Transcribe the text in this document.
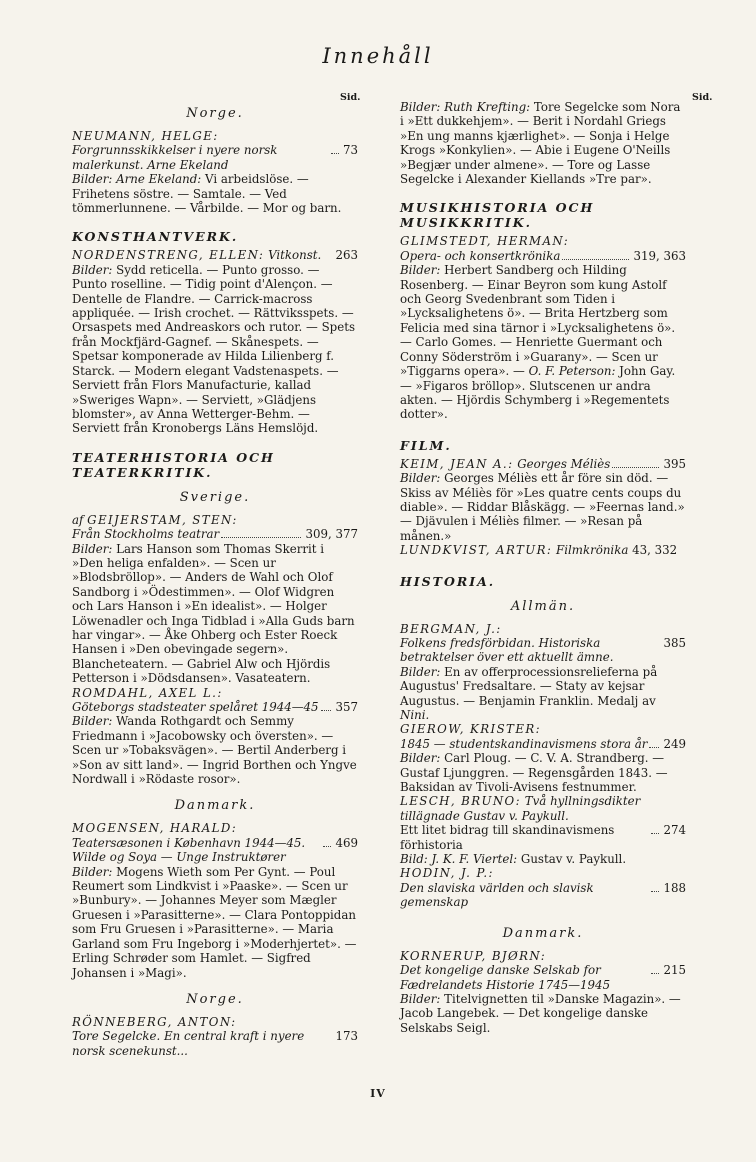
Innehåll
Sid.	Sid.
Norge.
NEUMANN, HELGE:
Forgrunnsskikkelser i nyere norsk malerkunst. Arne Ekeland
73
Bilder: Arne Ekeland: Vi arbeidslöse. — Frihetens söstre. — Samtale. — Ved tömmerlunnene. — Vårbilde. — Mor og barn.
KONSTHANTVERK.
NORDENSTRENG, ELLEN: Vitkonst. 263
Bilder: Sydd reticella. — Punto grosso. — Punto roselline. — Tidig point d'Alençon. — Dentelle de Flandre. — Carrick-macross appliquée. — Irish crochet. — Rättviksspets. — Orsaspets med Andreaskors och rutor. — Spets från Mockfjärd-Gagnef. — Skånespets. — Spetsar komponerade av Hilda Lilienberg f. Starck. — Modern elegant Vadstenaspets. — Serviett från Flors Manufacturie, kallad »Sweriges Wapn». — Serviett, »Glädjens blomster», av Anna Wetterger-Behm. — Serviett från Kronobergs Läns Hemslöjd.
TEATERHISTORIA OCH TEATERKRITIK.
Sverige.
af GEIJERSTAM, STEN:
Från Stockholms teatrar	309, 377
Bilder: Lars Hanson som Thomas Skerrit i »Den heliga enfalden». — Scen ur »Blodsbröllop». — Anders de Wahl och Olof Sandborg i »Ödestimmen». — Olof Widgren och Lars Hanson i »En idealist». — Holger Löwenadler och Inga Tidblad i »Alla Guds barn har vingar». — Åke Ohberg och Ester Roeck Hansen i »Den obevingade segern». Blancheteatern. — Gabriel Alw och Hjördis Petterson i »Dödsdansen». Vasateatern.
ROMDAHL, AXEL L.:
Göteborgs stadsteater spelåret 1944—45 357
Bilder: Wanda Rothgardt och Semmy Friedmann i »Jacobowsky och översten». — Scen ur »Tobaksvägen». — Bertil Anderberg i »Son av sitt land». — Ingrid Borthen och Yngve Nordwall i »Rödaste rosor».
Danmark.
MOGENSEN, HARALD:
Teatersæsonen i København 1944—45. Wilde og Soya — Unge Instruktører
469
Bilder: Mogens Wieth som Per Gynt. — Poul Reumert som Lindkvist i »Paaske». — Scen ur »Bunbury». — Johannes Meyer som Mægler Gruesen i »Parasitterne». — Clara Pontoppidan som Fru Gruesen i »Parasitterne». — Maria Garland som Fru Ingeborg i »Moderhjertet». — Erling Schrøder som Hamlet. — Sigfred Johansen i »Magi».
Norge.
RÖNNEBERG, ANTON:
Tore Segelcke. En central kraft i nyere norsk scenekunst...
173
Bilder: Ruth Krefting: Tore Segelcke som Nora i »Ett dukkehjem». — Berit i Nordahl Griegs »En ung manns kjærlighet». — Sonja i Helge Krogs »Konkylien». — Abie i Eugene O'Neills »Begjær under almene». — Tore og Lasse Segelcke i Alexander Kiellands »Tre par».
MUSIKHISTORIA OCH MUSIKKRITIK.
GLIMSTEDT, HERMAN:
Opera- och konsertkrönika	319, 363
Bilder: Herbert Sandberg och Hilding Rosenberg. — Einar Beyron som kung Astolf och Georg Svedenbrant som Tiden i »Lycksalighetens ö». — Brita Hertzberg som Felicia med sina tärnor i »Lycksalighetens ö». — Carlo Gomes. — Henriette Guermant och Conny Söderström i »Guarany». — Scen ur »Tiggarns opera». — O. F. Peterson: John Gay. — »Figaros bröllop». Slutscenen ur andra akten. — Hjördis Schymberg i »Regementets dotter».
FILM.
KEIM, JEAN A.: Georges Méliès	395
Bilder: Georges Méliès ett år före sin död. — Skiss av Méliès för »Les quatre cents coups du diable». — Riddar Blåskägg. — »Feernas land.» — Djävulen i Méliès filmer. — »Resan på månen.»
LUNDKVIST, ARTUR: Filmkrönika 43, 332
HISTORIA.
Allmän.
BERGMAN, J.:
Folkens fredsförbidan. Historiska betraktelser över ett aktuellt ämne.
385
Bilder: En av offerprocessionsrelieferna på Augustus' Fredsaltare. — Staty av kejsar Augustus. — Benjamin Franklin. Medalj av Nini.
GIEROW, KRISTER:
1845 — studentskandinavismens stora år 249
Bilder: Carl Ploug. — C. V. A. Strandberg. — Gustaf Ljunggren. — Regensgården 1843. — Baksidan av Tivoli-Avisens festnummer.
LESCH, BRUNO: Två hyllningsdikter tillägnade Gustav v. Paykull.
Ett litet bidrag till skandinavismens förhistoria
274
Bild: J. K. F. Viertel: Gustav v. Paykull.
HODIN, J. P.:
Den slaviska världen och slavisk gemenskap
188
Danmark.
KORNERUP, BJØRN:
Det kongelige danske Selskab for Fædrelandets Historie 1745—1945
215
Bilder: Titelvignetten til »Danske Magazin». — Jacob Langebek. — Det kongelige danske Selskabs Seigl.
IV
